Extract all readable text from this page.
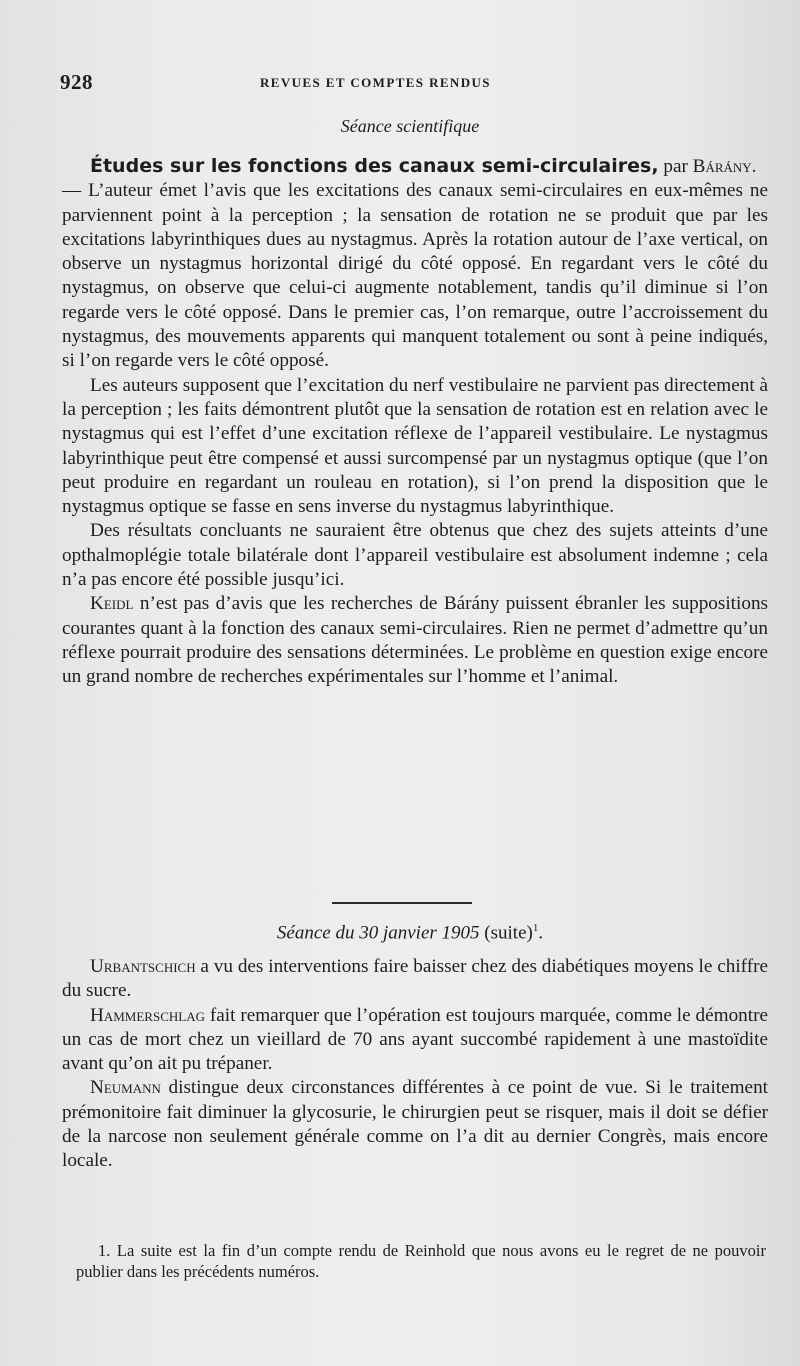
928	REVUES ET COMPTES RENDUS
Séance scientifique

Études sur les fonctions des canaux semi-circulaires, par Bárány.

— L’auteur émet l’avis que les excitations des canaux semi-circulaires en eux-mêmes ne parviennent point à la perception ; la sensation de rotation ne se produit que par les excitations labyrinthiques dues au nystagmus. Après la rotation autour de l’axe vertical, on observe un nystagmus horizontal dirigé du côté opposé. En regardant vers le côté du nystagmus, on observe que celui-ci augmente notablement, tandis qu’il diminue si l’on regarde vers le côté opposé. Dans le premier cas, l’on remarque, outre l’accroissement du nystagmus, des mouvements apparents qui manquent totalement ou sont à peine indiqués, si l’on regarde vers le côté opposé.

Les auteurs supposent que l’excitation du nerf vestibulaire ne parvient pas directement à la perception ; les faits démontrent plutôt que la sensation de rotation est en relation avec le nystagmus qui est l’effet d’une excitation réflexe de l’appareil vestibulaire. Le nystagmus labyrinthique peut être compensé et aussi surcompensé par un nystagmus optique (que l’on peut produire en regardant un rouleau en rotation), si l’on prend la disposition que le nystagmus optique se fasse en sens inverse du nystagmus labyrinthique.

Des résultats concluants ne sauraient être obtenus que chez des sujets atteints d’une opthalmoplégie totale bilatérale dont l’appareil vestibulaire est absolument indemne ; cela n’a pas encore été possible jusqu’ici.

Keidl n’est pas d’avis que les recherches de Bárány puissent ébranler les suppositions courantes quant à la fonction des canaux semi-circulaires. Rien ne permet d’admettre qu’un réflexe pourrait produire des sensations déterminées. Le problème en question exige encore un grand nombre de recherches expérimentales sur l’homme et l’animal.

Séance du 30 janvier 1905 (suite)$^1$.

Urbantschich a vu des interventions faire baisser chez des diabétiques moyens le chiffre du sucre.

Hammerschlag fait remarquer que l’opération est toujours marquée, comme le démontre un cas de mort chez un vieillard de 70 ans ayant succombé rapidement à une mastoïdite avant qu’on ait pu trépaner.

Neumann distingue deux circonstances différentes à ce point de vue. Si le traitement prémonitoire fait diminuer la glycosurie, le chirurgien peut se risquer, mais il doit se défier de la narcose non seulement générale comme on l’a dit au dernier Congrès, mais encore locale.

1. La suite est la fin d’un compte rendu de Reinhold que nous avons eu le regret de ne pouvoir publier dans les précédents numéros.
